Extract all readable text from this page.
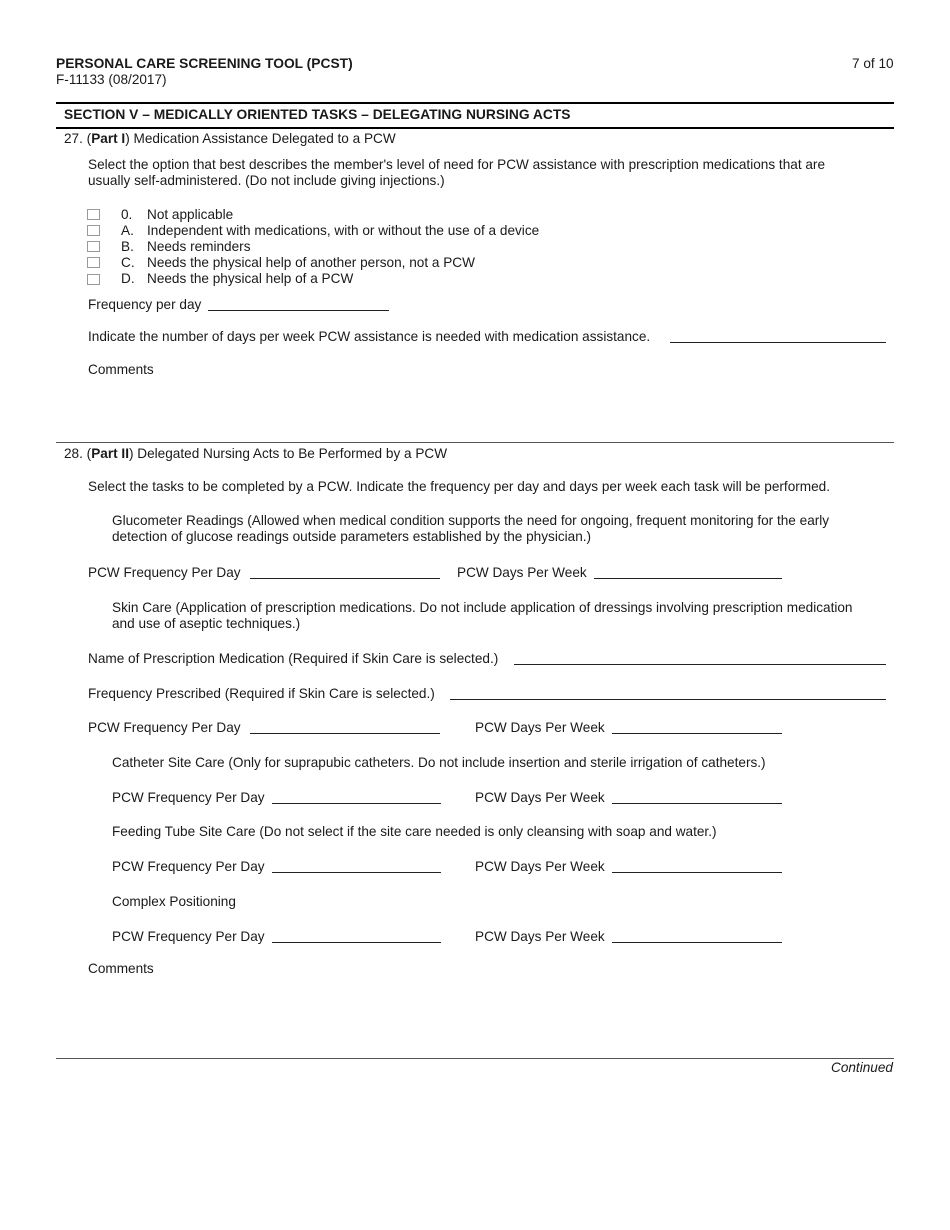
PERSONAL CARE SCREENING TOOL (PCST)
F-11133 (08/2017)
7 of 10
SECTION V – MEDICALLY ORIENTED TASKS – DELEGATING NURSING ACTS
27. (Part I) Medication Assistance Delegated to a PCW
Select the option that best describes the member's level of need for PCW assistance with prescription medications that are
usually self-administered. (Do not include giving injections.)
0. Not applicable
A. Independent with medications, with or without the use of a device
B. Needs reminders
C. Needs the physical help of another person, not a PCW
D. Needs the physical help of a PCW
Frequency per day
Indicate the number of days per week PCW assistance is needed with medication assistance.
Comments
28. (Part II) Delegated Nursing Acts to Be Performed by a PCW
Select the tasks to be completed by a PCW. Indicate the frequency per day and days per week each task will be performed.
Glucometer Readings (Allowed when medical condition supports the need for ongoing, frequent monitoring for the early
detection of glucose readings outside parameters established by the physician.)
PCW Frequency Per Day	PCW Days Per Week
Skin Care (Application of prescription medications. Do not include application of dressings involving prescription medication
and use of aseptic techniques.)
Name of Prescription Medication (Required if Skin Care is selected.)
Frequency Prescribed (Required if Skin Care is selected.)
PCW Frequency Per Day	PCW Days Per Week
Catheter Site Care (Only for suprapubic catheters. Do not include insertion and sterile irrigation of catheters.)
PCW Frequency Per Day	PCW Days Per Week
Feeding Tube Site Care (Do not select if the site care needed is only cleansing with soap and water.)
PCW Frequency Per Day	PCW Days Per Week
Complex Positioning
PCW Frequency Per Day	PCW Days Per Week
Comments
Continued
